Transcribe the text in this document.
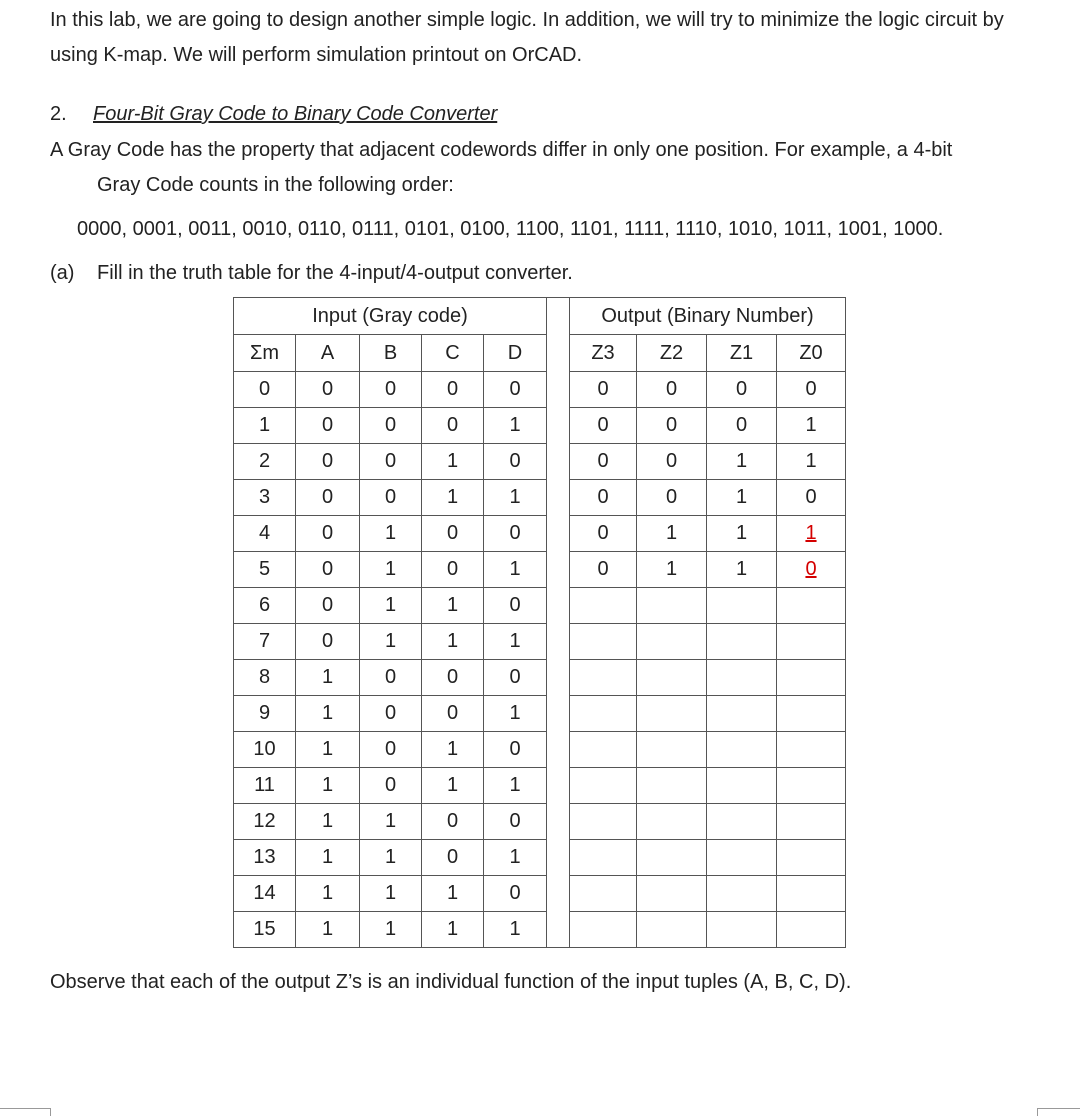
In this lab, we are going to design another simple logic. In addition, we will try to minimize the logic circuit by using K-map. We will perform simulation printout on OrCAD.

2. Four-Bit Gray Code to Binary Code Converter

A Gray Code has the property that adjacent codewords differ in only one position. For example, a 4-bit
Gray Code counts in the following order:

0000, 0001, 0011, 0010, 0110, 0111, 0101, 0100, 1100, 1101, 1111, 1110, 1010, 1011, 1001, 1000.

(a) Fill in the truth table for the 4-input/4-output converter.

Input (Gray code)						Output (Binary Number)			
Σm	A	B	C	D		Z3	Z2	Z1	Z0
0	0	0	0	0		0	0	0	0
1	0	0	0	1		0	0	0	1
2	0	0	1	0		0	0	1	1
3	0	0	1	1		0	0	1	0
4	0	1	0	0		0	1	1	1
5	0	1	0	1		0	1	1	0
6	0	1	1	0					
7	0	1	1	1					
8	1	0	0	0					
9	1	0	0	1					
10	1	0	1	0					
11	1	0	1	1					
12	1	1	0	0					
13	1	1	0	1					
14	1	1	1	0					
15	1	1	1	1					

Observe that each of the output Z’s is an individual function of the input tuples (A, B, C, D).
